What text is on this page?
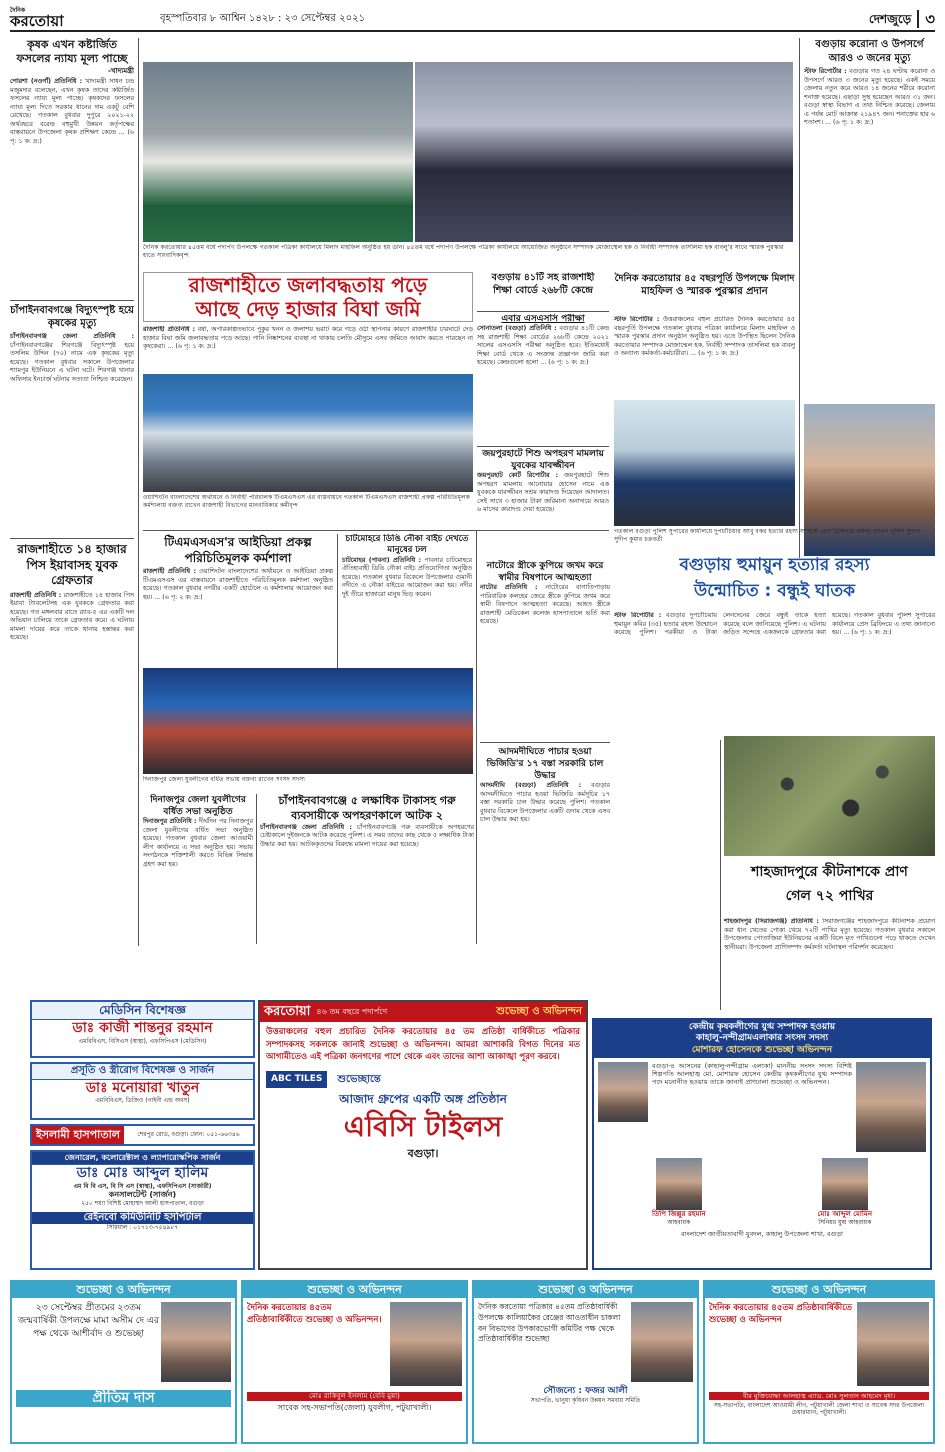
দৈনিক
করতোয়া	বৃহস্পতিবার ৮ আশ্বিন ১৪২৮ : ২৩ সেপ্টেম্বর ২০২১	দেশজুড়ে ৩
কৃষক এখন কষ্টার্জিত ফসলের ন্যায্য মূল্য পাচ্ছে
-খাদ্যমন্ত্রী
পোরশা (নওগাঁ) প্রতিনিধি : খাদ্যমন্ত্রী সাধন চন্দ্র মজুমদার বলেছেন, এখন কৃষক তাদের কষ্টার্জিত ফসলের ন্যায্য মূল্য পাচ্ছে। কৃষকদের ফসলের ন্যায্য মূল্য দিতে সরকার ধানের দাম একটু বেশি রেখেছে। গতকাল বুধবার দুপুরে ২০২১-২২ অর্থবছরে বরেন্দ্র বহুমুখী উন্নয়ন কর্তৃপক্ষের বাস্তবায়নে উপজেলা কৃষক প্রশিক্ষণ কেন্দ্রে ... (৬ পৃ: ১ ক: দ্র:)
চাঁপাইনবাবগঞ্জে বিদ্যুৎস্পৃষ্ট হয়ে কৃষকের মৃত্যু
চাঁপাইনবাবগঞ্জ জেলা প্রতিনিধি : চাঁপাইনবাবগঞ্জের শিবগঞ্জে বিদ্যুৎস্পৃষ্ট হয়ে তসলিম উদ্দিন (৭০) নামে এক কৃষকের মৃত্যু হয়েছে। গতকাল বুধবার সকালে উপজেলার শ্যামপুর ইউনিয়নে এ ঘটনা ঘটে। শিবগঞ্জ থানার অফিসার ইনচার্জ ঘটনার সত্যতা নিশ্চিত করেছেন।
রাজশাহীতে ১৪ হাজার পিস ইয়াবাসহ যুবক গ্রেফতার
রাজশাহী প্রতিনিধি : রাজশাহীতে ১৪ হাজার পিস ইয়াবা ট্যাবলেটসহ এক যুবককে গ্রেফতার করা হয়েছে। গত মঙ্গলবার রাতে র‌্যাব-৫ এর একটি দল অভিযান চালিয়ে তাকে গ্রেফতার করে। এ ঘটনায় মামলা দায়ের করে তাকে থানায় হস্তান্তর করা হয়েছে।
দৈনিক করতোয়ার ৪৫তম বর্ষে পদার্পণ উপলক্ষে গতকাল পত্রিকা কার্যালয়ে মিলাদ মাহফিল অনুষ্ঠিত হয় ডান। ৪৫তম বর্ষে পদার্পণ উপলক্ষে পত্রিকা কার্যালয়ে আয়োজিত অনুষ্ঠানে সম্পাদক মোজাম্মেল হক ও নির্বাহী সম্পাদক তাসলিমা হক বাবলু'র সাথে স্মারক পুরস্কার হাতে সাংবাদিকবৃন্দ
বগুড়ায় করোনা ও উপসর্গে আরও ৩ জনের মৃত্যু
স্টাফ রিপোর্টার : বগুড়ায় গত ২৪ ঘণ্টায় করোনা ও উপসর্গে আরও ৩ জনের মৃত্যু হয়েছে। একই সময়ে জেলায় নতুন করে আরও ১৪ জনের শরীরে করোনা শনাক্ত হয়েছে। এছাড়া সুস্থ হয়েছেন আরও ৩১ জন। বগুড়া স্বাস্থ্য বিভাগ এ তথ্য নিশ্চিত করেছে। জেলায় এ পর্যন্ত মোট আক্রান্ত ২১৯৪৭ জন। শনাক্তের হার ৬ শতাংশ। ... (৬ পৃ: ১ ক: দ্র:)
রাজশাহীতে জলাবদ্ধতায় পড়ে
আছে দেড় হাজার বিঘা জমি
রাজশাহী প্রতিনিধি : বর্ষা, অপরিকল্পিতভাবে পুকুর খনন ও জলাশয় ভরাট করে গড়ে ওঠা স্থাপনার কারণে রাজশাহীর চারঘাটে দেড় হাজার বিঘা জমি জলাবদ্ধতায় পড়ে আছে। পানি নিষ্কাশনের ব্যবস্থা না থাকায় চলতি মৌসুমে এসব জমিতে আবাদ করতে পারছেন না কৃষকেরা। ... (৬ পৃ: ১ ক: দ্র:)
ওয়াশিংটন বাংলাদেশের অর্থায়নে ও নির্বাহী পরিচালক টিএমএসএস এর বাস্তবায়নে গতকাল টিএমএসএস রাজশাহী প্রকল্প পরিচিতিমূলক কর্মশালায় বক্তব্য রাখেন রাজশাহী বিভাগের মানবাধিকার কর্মীবৃন্দ
বগুড়ায় ৪১টি সহ রাজশাহী
শিক্ষা বোর্ডে ২৬৮টি কেন্দ্রে
এবার এসএসসি পরীক্ষা
সোনাতলা (বগুড়া) প্রতিনিধি : বগুড়ার ৪১টি কেন্দ্র সহ রাজশাহী শিক্ষা বোর্ডের ২৬৮টি কেন্দ্রে ২০২১ সালের এসএসসি পরীক্ষা অনুষ্ঠিত হবে। ইতিমধ্যেই শিক্ষা বোর্ড থেকে এ সংক্রান্ত প্রজ্ঞাপন জারি করা হয়েছে। কেন্দ্রগুলো হলো ... (৬ পৃ: ১ ক: দ্র:)
জয়পুরহাটে শিশু অপহরণ মামলায় যুবকের যাবজ্জীবন
জয়পুরহাট কোর্ট রিপোর্টার : জয়পুরহাটে শিশু অপহরণ মামলায় আনোয়ার হোসেন নামে এক যুবককে যাবজ্জীবন সশ্রম কারাদণ্ড দিয়েছেন আদালত। সেই সাথে ৩ হাজার টাকা জরিমানা অনাদায়ে আরও ৬ মাসের কারাদণ্ড দেয়া হয়েছে।
দৈনিক করতোয়ার ৪৫ বছরপূর্তি উপলক্ষে মিলাদ
মাহফিল ও স্মারক পুরস্কার প্রদান
স্টাফ রিপোর্টার : উত্তরাঞ্চলের বহুল প্রচারিত দৈনিক করতোয়ার ৪৫ বছরপূর্তি উপলক্ষে গতকাল বুধবার পত্রিকা কার্যালয়ে মিলাদ মাহফিল ও স্মারক পুরস্কার প্রদান অনুষ্ঠান অনুষ্ঠিত হয়। এতে উপস্থিত ছিলেন দৈনিক করতোয়ার সম্পাদক মোজাম্মেল হক, নির্বাহী সম্পাদক তাসলিমা হক বাবলু ও অন্যান্য কর্মকর্তা-কর্মচারীরা। ... (৬ পৃ: ১ ক: দ্র:)
গতকাল বগুড়া পুলিশ সুপারের কার্যালয়ে দুপচাঁচিয়ার আবু বকর হত্যার রহস্য সম্পর্কে প্রেস ব্রিফিংয়ে বক্তব্য রাখেন পুলিশ সুপার সুদীপ কুমার চক্রবর্তী
টিএমএসএস'র আইডিয়া প্রকল্প পরিচিতিমূলক কর্মশালা
রাজশাহী প্রতিনিধি : ওয়াশিংটন বাংলাদেশের অর্থায়নে ও আইডিয়া প্রকল্প টিএমএসএস এর বাস্তবায়নে রাজশাহীতে পরিচিতিমূলক কর্মশালা অনুষ্ঠিত হয়েছে। গতকাল বুধবার নগরীর একটি হোটেলে এ কর্মশালার আয়োজন করা হয়। ... (৬ পৃ: ২ ক: দ্র:)
চাটমোহরে ডিঙি নৌকা বাইচ দেখতে মানুষের ঢল
চাটমোহর (পাবনা) প্রতিনিধি : পাবনার চাটমোহরে ঐতিহ্যবাহী ডিঙি নৌকা বাইচ প্রতিযোগিতা অনুষ্ঠিত হয়েছে। গতকাল বুধবার বিকেলে উপজেলার গুমানী নদীতে এ নৌকা বাইচের আয়োজন করা হয়। নদীর দুই তীরে হাজারো মানুষ ভিড় করেন।
দিনাজপুর জেলা যুবলীগের বর্ধিত সভায় বক্তব্য রাখেন সংসদ সদস্য
দিনাজপুর জেলা যুবলীগের বর্ধিত সভা অনুষ্ঠিত
দিনাজপুর প্রতিনিধি : দীর্ঘদিন পর দিনাজপুর জেলা যুবলীগের বর্ধিত সভা অনুষ্ঠিত হয়েছে। গতকাল বুধবার জেলা আওয়ামী লীগ কার্যালয়ে এ সভা অনুষ্ঠিত হয়। সভায় সংগঠনকে শক্তিশালী করতে বিভিন্ন সিদ্ধান্ত গ্রহণ করা হয়।
চাঁপাইনবাবগঞ্জে ৫ লক্ষাধিক টাকাসহ গরু ব্যবসায়ীকে অপহরণকালে আটক ২
চাঁপাইনবাবগঞ্জ জেলা প্রতিনিধি : চাঁপাইনবাবগঞ্জে গরু ব্যবসায়ীকে অপহরণের চেষ্টাকালে দুইজনকে আটক করেছে পুলিশ। এ সময় তাদের কাছ থেকে ৫ লক্ষাধিক টাকা উদ্ধার করা হয়। আটককৃতদের বিরুদ্ধে মামলা দায়ের করা হয়েছে।
নাটোরে স্ত্রীকে কুপিয়ে জখম করে স্বামীর বিষপানে আত্মহত্যা
নাটোর প্রতিনিধি : নাটোরের বাগাতিপাড়ায় পারিবারিক কলহের জেরে স্ত্রীকে কুপিয়ে জখম করে স্বামী বিষপানে আত্মহত্যা করেছে। আহত স্ত্রীকে রাজশাহী মেডিকেল কলেজ হাসপাতালে ভর্তি করা হয়েছে।
আদমদীঘিতে পাচার হওয়া ভিজিডি'র ১৭ বস্তা সরকারি চাল উদ্ধার
আদমদীঘি (বগুড়া) প্রতিনিধি : বগুড়ার আদমদীঘিতে পাচার হওয়া ভিজিডি কর্মসূচির ১৭ বস্তা সরকারি চাল উদ্ধার করেছে পুলিশ। গতকাল বুধবার বিকেলে উপজেলার একটি গুদাম থেকে এসব চাল উদ্ধার করা হয়।
বগুড়ায় হুমায়ুন হত্যার রহস্য
উন্মোচিত : বন্ধুই ঘাতক
স্টাফ রিপোর্টার : বগুড়ার দুপচাঁচিয়ায় হুমায়ুন কবির (৩৫) হত্যার রহস্য উন্মোচন করেছে পুলিশ। পরকীয়া ও টাকা লেনদেনের জেরে বন্ধুই তাকে হত্যা করেছে বলে জানিয়েছে পুলিশ। এ ঘটনায় জড়িত সন্দেহে একজনকে গ্রেফতার করা হয়েছে। গতকাল বুধবার পুলিশ সুপারের কার্যালয়ে প্রেস ব্রিফিংয়ে এ তথ্য জানানো হয়। ... (৬ পৃ: ১ ক: দ্র:)
শাহজাদপুরে কীটনাশকে প্রাণ
গেল ৭২ পাখির
শাহজাদপুর (সিরাজগঞ্জ) প্রতিনিধি : সিরাজগঞ্জের শাহজাদপুরে কীটনাশক প্রয়োগ করা ধান খেতের পোকা খেয়ে ৭২টি পাখির মৃত্যু হয়েছে। গতকাল বুধবার সকালে উপজেলার পোতাজিয়া ইউনিয়নের একটি বিলে মৃত পাখিগুলো পড়ে থাকতে দেখেন স্থানীয়রা। উপজেলা প্রাণিসম্পদ কর্মকর্তা ঘটনাস্থল পরিদর্শন করেছেন।
মেডিসিন বিশেষজ্ঞ
ডাঃ কাজী শান্তনুর রহমান
এমবিবিএস, বিসিএস (স্বাস্থ্য), এফসিপিএস (মেডিসিন)
প্রসূতি ও স্ত্রীরোগ বিশেষজ্ঞ ও সার্জন
ডাঃ মনোয়ারা খাতুন
এমবিবিএস, ডিজিও (গাইনী এন্ড অবস)
ইসলামী হাসপাতাল	শেরপুর রোড, বগুড়া। ফোন: ০৫১-৬৬৩৪৬
জেনারেল, কলোরেক্টাল ও ল্যাপারোস্কপিক সার্জন
ডাঃ মোঃ আব্দুল হালিম
এম বি বি এস, বি সি এস (স্বাস্থ্য), এফসিপিএস (সার্জারী)
কনসালটেন্ট (সার্জন)
২৫০ শয্যা বিশিষ্ট মোহাম্মদ আলী হাসপাতাল, বগুড়া
রেইনবো কমিউনিটি হসপিটাল
সিরিয়াল : ০১৭১৩-৭৫৪৯৮৭
করতোয়া ৪৬ তম বছরে পদার্পণে	শুভেচ্ছা ও অভিনন্দন
উত্তরাঞ্চলের বহুল প্রচারিত দৈনিক করতোয়ার ৪৫ তম প্রতিষ্ঠা বার্ষিকীতে পত্রিকার সম্পাদকসহ সকলকে জানাই শুভেচ্ছা ও অভিনন্দন। আমরা আশাকরি বিগত দিনের মত আগামীতেও এই পত্রিকা জনগণের পাশে থেকে এবং তাদের আশা আকাঙ্খা পূরণ করবে।
ABC TILES	শুভেচ্ছান্তে
আজাদ গ্রুপের একটি অঙ্গ প্রতিষ্ঠান
এবিসি টাইলস
বগুড়া।
কেন্দ্রীয় কৃষকলীগের যুগ্ম সম্পাদক হওয়ায়
কাহালু-নন্দীগ্রামএলাকার সংসদ সদস্য
মোশারফ হোসেনকে শুভেচ্ছা অভিনন্দন
বগুড়া-৪ আসনের (কাহালু-নন্দীগ্রাম এলাকা) মাননীয় সংসদ সদস্য বিশিষ্ট শিল্পপতি আলহাজ্ব মো. মোশারফ হোসেন কেন্দ্রীয় কৃষকলীগের যুগ্ম সম্পাদক পদে মনোনীত হওয়ায় তাকে জানাই প্রাণঢালা শুভেচ্ছা ও অভিনন্দন।
তিপি জিল্লুর রহমান
আহবায়ক
মোঃ আব্দুল মোমিন
সিনিয়র যুগ্ম আহবায়ক
বাংলাদেশ জাতীয়তাবাদী যুবদল, কাহালু উপজেলা শাখা, বগুড়া
শুভেচ্ছা ও অভিনন্দন
২৩ সেপ্টেম্বর প্রীতমের ২৩তম জন্মবার্ষিকী উপলক্ষে মামা অসীম দে এর পক্ষ থেকে আশীর্বাদ ও শুভেচ্ছা
প্রীতিম দাস
শুভেচ্ছা ও অভিনন্দন
দৈনিক করতোয়ার ৪৫তম প্রতিষ্ঠাবার্ষিকীতে শুভেচ্ছা ও অভিনন্দন।
মোঃ রাকিবুল ইসলাম (বেবি মুন্না)
সাবেক সহ-সভাপতি(জেলা) যুবলীগ, পটুয়াখালী।
শুভেচ্ছা ও অভিনন্দন
দৈনিক করতোয়া পত্রিকার ৪৫তম প্রতিষ্ঠাবার্ষিকী উপলক্ষে কালিয়াকৈর রেঞ্জের আওতাধীন চাকলা বন বিভাগের উপকারভোগী কমিটির পক্ষ থেকে প্রতিষ্ঠাবার্ষিকীর শুভেচ্ছা
সৌজন্যে : ফজর আলী
সভাপতি, ভানুয়া কৃষিবন উন্নয়ন সমবায় সমিতি
শুভেচ্ছা ও অভিনন্দন
দৈনিক করতোয়ার ৪৫তম প্রতিষ্ঠাবার্ষিকীতে শুভেচ্ছা ও অভিনন্দন
বীর মুক্তিযোদ্ধা আলহাজ্ব এ্যাড. মোঃ সুলতান আহমেদ মৃধা।
সহ-সভাপতি, বাংলাদেশ আওয়ামী লীগ, পটুয়াখালী জেলা শাখা ও সাবেক সদর উপজেলা চেয়ারম্যান, পটুয়াখালী।
